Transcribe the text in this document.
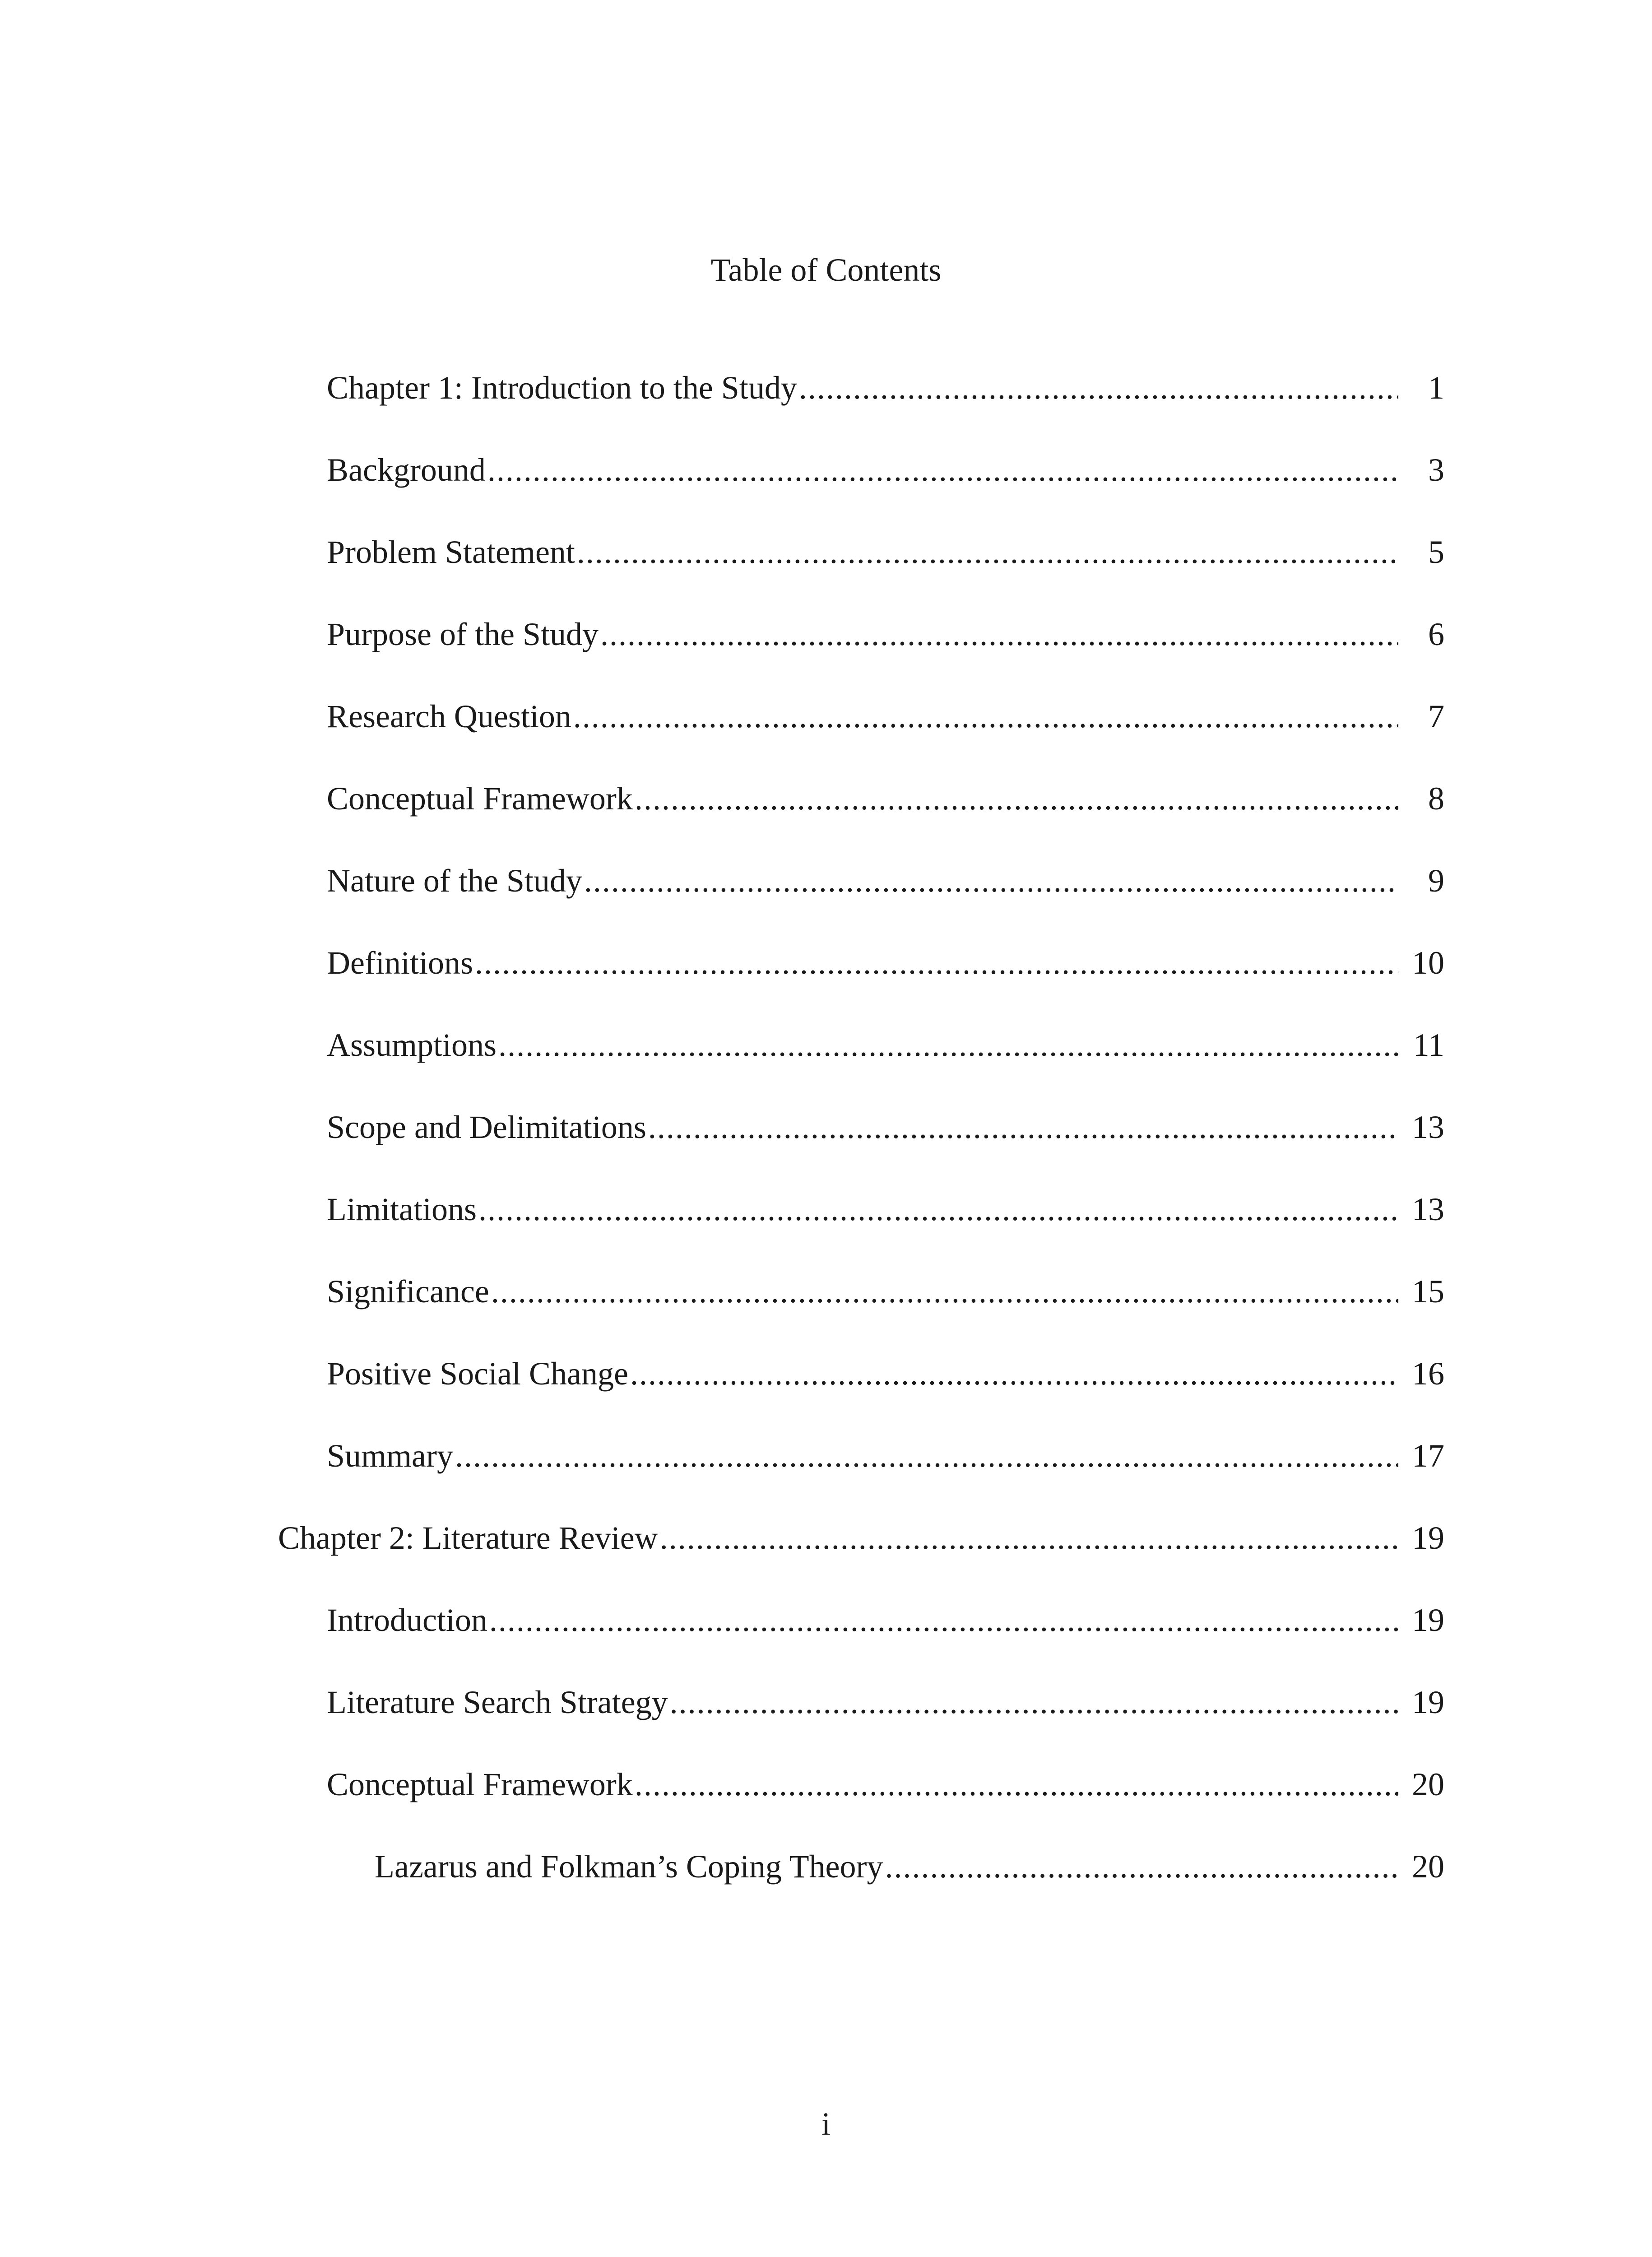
Table of Contents
Chapter 1: Introduction to the Study .....	1
Background .....	3
Problem Statement .....	5
Purpose of the Study .....	6
Research Question .....	7
Conceptual Framework .....	8
Nature of the Study .....	9
Definitions .....	10
Assumptions .....	11
Scope and Delimitations .....	13
Limitations .....	13
Significance .....	15
Positive Social Change .....	16
Summary .....	17
Chapter 2: Literature Review .....	19
Introduction .....	19
Literature Search Strategy .....	19
Conceptual Framework .....	20
Lazarus and Folkman’s Coping Theory .....	20
i
